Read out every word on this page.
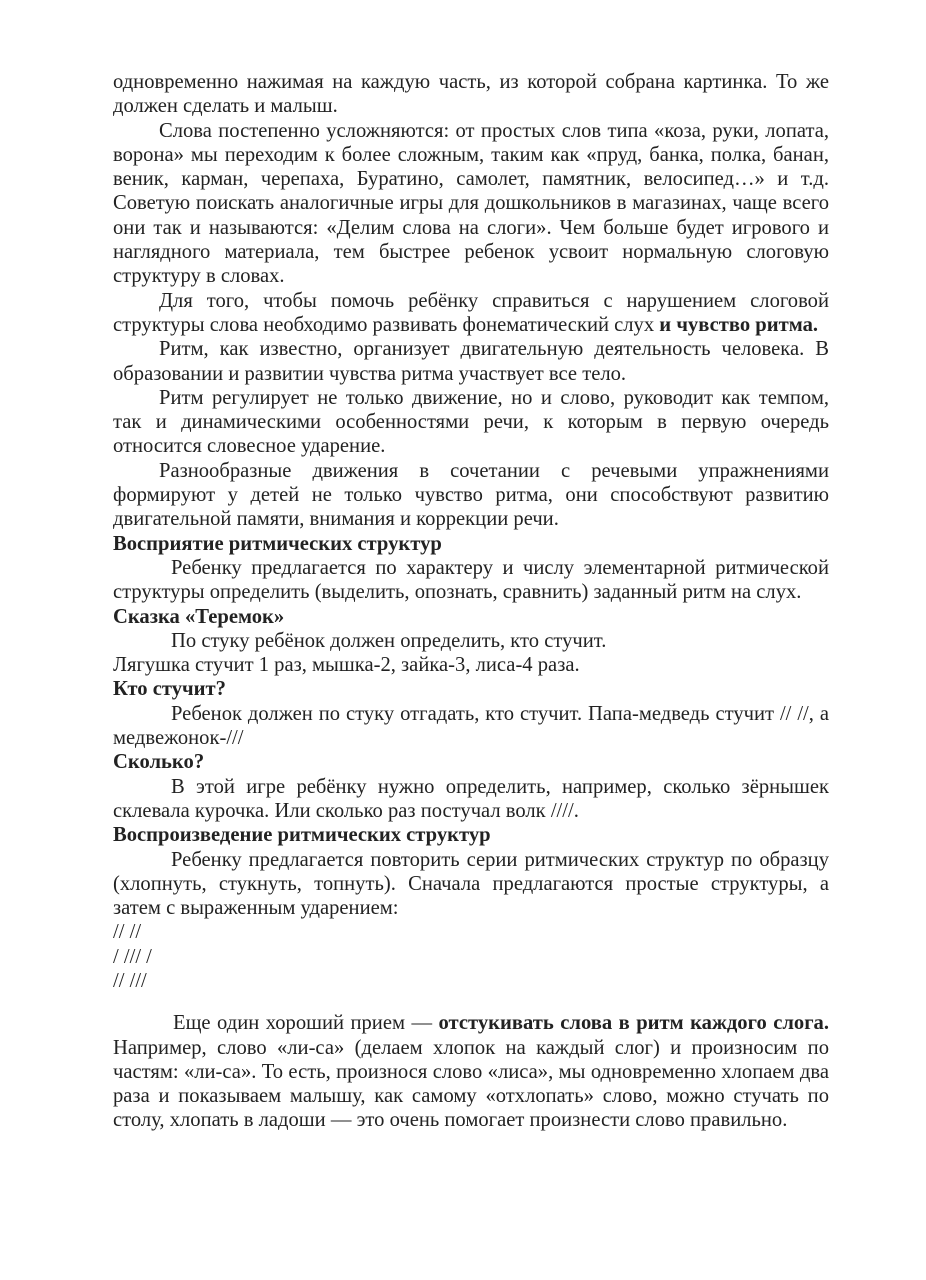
одновременно нажимая на каждую часть, из которой собрана картинка. То же должен сделать и малыш.

Слова постепенно усложняются: от простых слов типа «коза, руки, лопата, ворона» мы переходим к более сложным, таким как «пруд, банка, полка, банан, веник, карман, черепаха, Буратино, самолет, памятник, велосипед…» и т.д. Советую поискать аналогичные игры для дошкольников в магазинах, чаще всего они так и называются: «Делим слова на слоги». Чем больше будет игрового и наглядного материала, тем быстрее ребенок усвоит нормальную слоговую структуру в словах.

Для того, чтобы помочь ребёнку справиться с нарушением слоговой структуры слова необходимо развивать фонематический слух и чувство ритма.

Ритм, как известно, организует двигательную деятельность человека. В образовании и развитии чувства ритма участвует все тело.

Ритм регулирует не только движение, но и слово, руководит как темпом, так и динамическими особенностями речи, к которым в первую очередь относится словесное ударение.

Разнообразные движения в сочетании с речевыми упражнениями формируют у детей не только чувство ритма, они способствуют развитию двигательной памяти, внимания и коррекции речи.

Восприятие ритмических структур

Ребенку предлагается по характеру и числу элементарной ритмической структуры определить (выделить, опознать, сравнить) заданный ритм на слух.

Сказка «Теремок»

По стуку ребёнок должен определить, кто стучит.

Лягушка стучит 1 раз, мышка-2, зайка-3, лиса-4 раза.

Кто стучит?

Ребенок должен по стуку отгадать, кто стучит. Папа-медведь стучит // //, а медвежонок-///

Сколько?

В этой игре ребёнку нужно определить, например, сколько зёрнышек склевала курочка. Или сколько раз постучал волк ////.

Воспроизведение ритмических структур

Ребенку предлагается повторить серии ритмических структур по образцу (хлопнуть, стукнуть, топнуть). Сначала предлагаются простые структуры, а затем с выраженным ударением:

// //

/ /// /

// ///

Еще один хороший прием — отстукивать слова в ритм каждого слога. Например, слово «ли-са» (делаем хлопок на каждый слог) и произносим по частям: «ли-са». То есть, произнося слово «лиса», мы одновременно хлопаем два раза и показываем малышу, как самому «отхлопать» слово, можно стучать по столу, хлопать в ладоши — это очень помогает произнести слово правильно.
